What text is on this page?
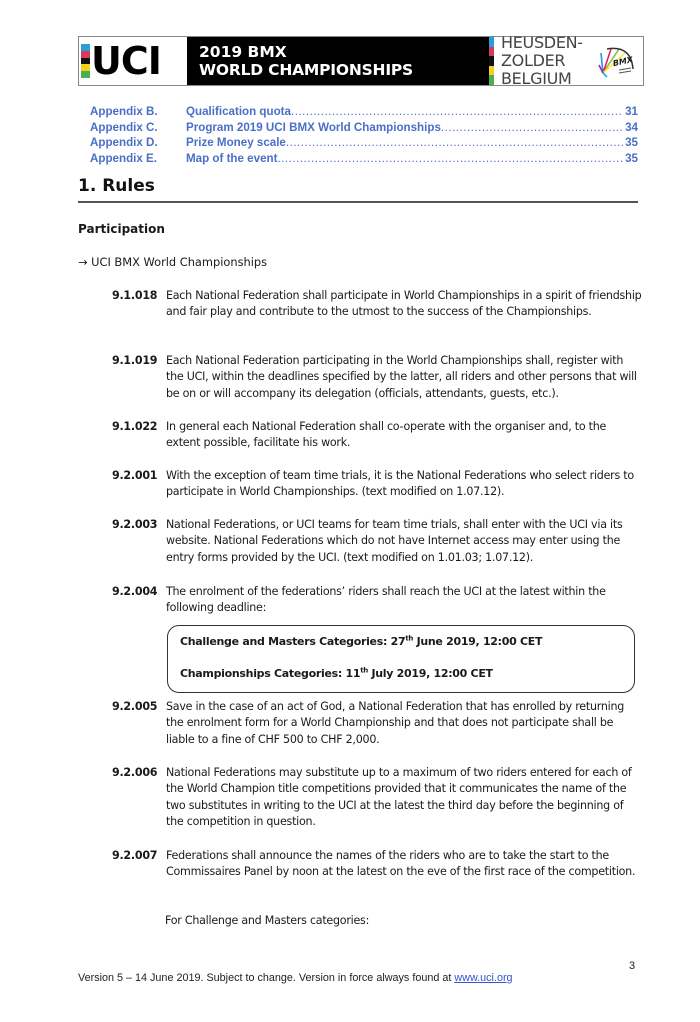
UCI 2019 BMX
WORLD CHAMPIONSHIPS
HEUSDEN-ZOLDER
BELGIUM
BMX
Appendix B.	Qualification quota .....	31
Appendix C.	Program 2019 UCI BMX World Championships .....	34
Appendix D.	Prize Money scale .....	35
Appendix E.	Map of the event .....	35
1. Rules
Participation
→ UCI BMX World Championships
9.1.018 Each National Federation shall participate in World Championships in a spirit of friendship and fair play and contribute to the utmost to the success of the Championships.
9.1.019 Each National Federation participating in the World Championships shall, register with the UCI, within the deadlines specified by the latter, all riders and other persons that will be on or will accompany its delegation (officials, attendants, guests, etc.).
9.1.022 In general each National Federation shall co-operate with the organiser and, to the extent possible, facilitate his work.
9.2.001 With the exception of team time trials, it is the National Federations who select riders to participate in World Championships. (text modified on 1.07.12).
9.2.003 National Federations, or UCI teams for team time trials, shall enter with the UCI via its website. National Federations which do not have Internet access may enter using the entry forms provided by the UCI. (text modified on 1.01.03; 1.07.12).
9.2.004 The enrolment of the federations’ riders shall reach the UCI at the latest within the following deadline:
Challenge and Masters Categories: 27th June 2019, 12:00 CET
Championships Categories: 11th July 2019, 12:00 CET
9.2.005 Save in the case of an act of God, a National Federation that has enrolled by returning the enrolment form for a World Championship and that does not participate shall be liable to a fine of CHF 500 to CHF 2,000.
9.2.006 National Federations may substitute up to a maximum of two riders entered for each of the World Champion title competitions provided that it communicates the name of the two substitutes in writing to the UCI at the latest the third day before the beginning of the competition in question.
9.2.007 Federations shall announce the names of the riders who are to take the start to the Commissaires Panel by noon at the latest on the eve of the first race of the competition.
For Challenge and Masters categories:
3
Version 5 – 14 June 2019. Subject to change. Version in force always found at www.uci.org
